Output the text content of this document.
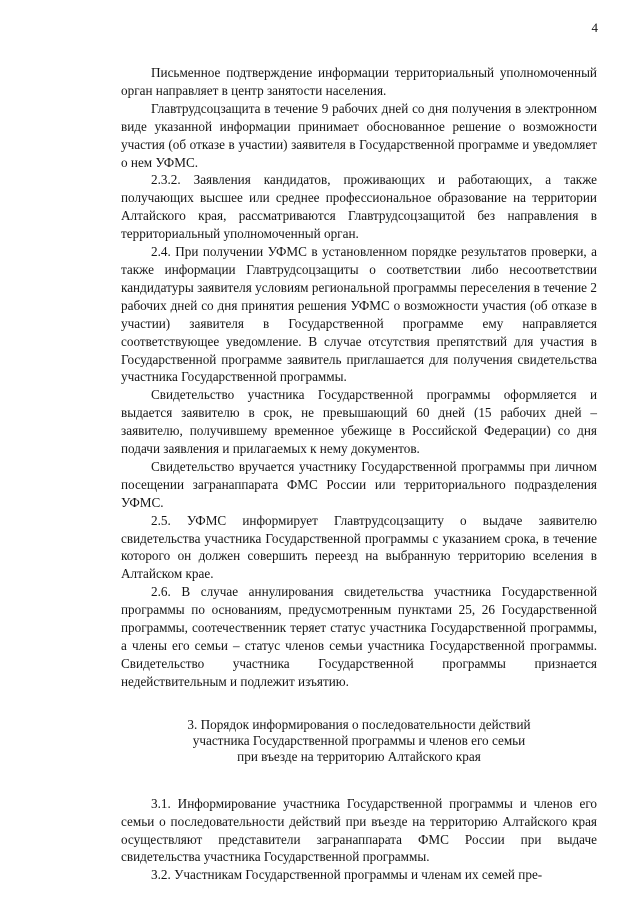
4

Письменное подтверждение информации территориальный уполномоченный орган направляет в центр занятости населения.

Главтрудсоцзащита в течение 9 рабочих дней со дня получения в электронном виде указанной информации принимает обоснованное решение о возможности участия (об отказе в участии) заявителя в Государственной программе и уведомляет о нем УФМС.

2.3.2. Заявления кандидатов, проживающих и работающих, а также получающих высшее или среднее профессиональное образование на территории Алтайского края, рассматриваются Главтрудсоцзащитой без направления в территориальный уполномоченный орган.

2.4. При получении УФМС в установленном порядке результатов проверки, а также информации Главтрудсоцзащиты о соответствии либо несоответствии кандидатуры заявителя условиям региональной программы переселения в течение 2 рабочих дней со дня принятия решения УФМС о возможности участия (об отказе в участии) заявителя в Государственной программе ему направляется соответствующее уведомление. В случае отсутствия препятствий для участия в Государственной программе заявитель приглашается для получения свидетельства участника Государственной программы.

Свидетельство участника Государственной программы оформляется и выдается заявителю в срок, не превышающий 60 дней (15 рабочих дней – заявителю, получившему временное убежище в Российской Федерации) со дня подачи заявления и прилагаемых к нему документов.

Свидетельство вручается участнику Государственной программы при личном посещении загранаппарата ФМС России или территориального подразделения УФМС.

2.5. УФМС информирует Главтрудсоцзащиту о выдаче заявителю свидетельства участника Государственной программы с указанием срока, в течение которого он должен совершить переезд на выбранную территорию вселения в Алтайском крае.

2.6. В случае аннулирования свидетельства участника Государственной программы по основаниям, предусмотренным пунктами 25, 26 Государственной программы, соотечественник теряет статус участника Государственной программы, а члены его семьи – статус членов семьи участника Государственной программы. Свидетельство участника Государственной программы признается недействительным и подлежит изъятию.

3. Порядок информирования о последовательности действий
участника Государственной программы и членов его семьи
при въезде на территорию Алтайского края

3.1. Информирование участника Государственной программы и членов его семьи о последовательности действий при въезде на территорию Алтайского края осуществляют представители загранаппарата ФМС России при выдаче свидетельства участника Государственной программы.

3.2. Участникам Государственной программы и членам их семей пре-
